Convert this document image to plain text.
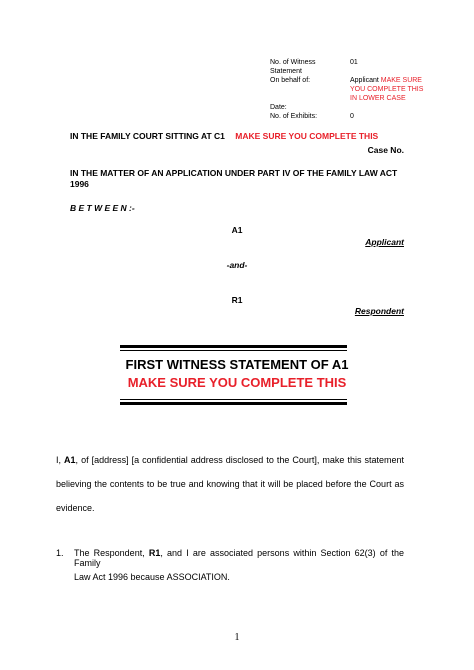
No. of Witness
Statement
01
On behalf of:	Applicant MAKE SURE
YOU COMPLETE THIS
IN LOWER CASE
Date:
No. of Exhibits:	0
IN THE FAMILY COURT SITTING AT C1 MAKE SURE YOU COMPLETE THIS
Case No.
IN THE MATTER OF AN APPLICATION UNDER PART IV OF THE FAMILY LAW ACT
1996
B E T W E E N :-
A1
Applicant
-and-
R1
Respondent
FIRST WITNESS STATEMENT OF A1
MAKE SURE YOU COMPLETE THIS
I, A1, of [address] [a confidential address disclosed to the Court], make this statement
believing the contents to be true and knowing that it will be placed before the Court as
evidence.
1. The Respondent, R1, and I are associated persons within Section 62(3) of the Family
Law Act 1996 because ASSOCIATION.
1
